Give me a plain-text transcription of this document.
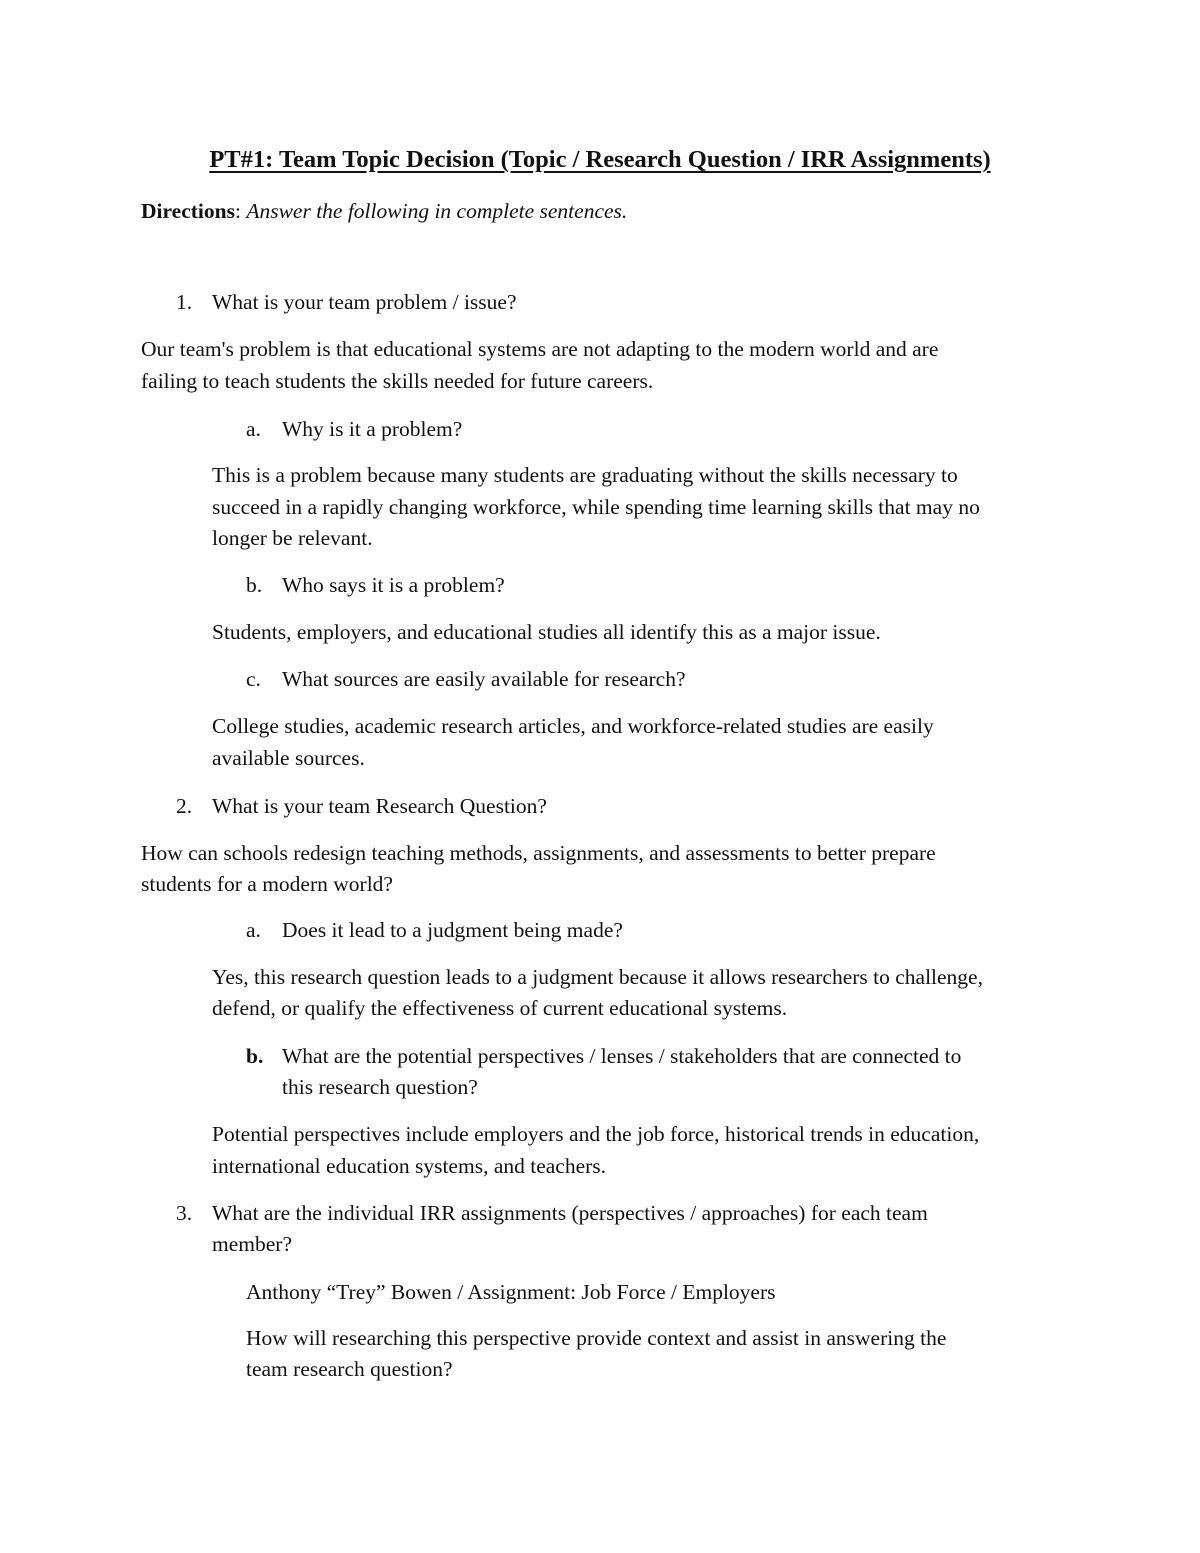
PT#1: Team Topic Decision (Topic / Research Question / IRR Assignments)

Directions: Answer the following in complete sentences.

1. What is your team problem / issue?

Our team's problem is that educational systems are not adapting to the modern world and are

failing to teach students the skills needed for future careers.

a. Why is it a problem?

This is a problem because many students are graduating without the skills necessary to

succeed in a rapidly changing workforce, while spending time learning skills that may no

longer be relevant.

b. Who says it is a problem?

Students, employers, and educational studies all identify this as a major issue.

c. What sources are easily available for research?

College studies, academic research articles, and workforce-related studies are easily

available sources.

2. What is your team Research Question?

How can schools redesign teaching methods, assignments, and assessments to better prepare

students for a modern world?

a. Does it lead to a judgment being made?

Yes, this research question leads to a judgment because it allows researchers to challenge,

defend, or qualify the effectiveness of current educational systems.

b. What are the potential perspectives / lenses / stakeholders that are connected to

this research question?

Potential perspectives include employers and the job force, historical trends in education,

international education systems, and teachers.

3. What are the individual IRR assignments (perspectives / approaches) for each team

member?

Anthony “Trey” Bowen / Assignment: Job Force / Employers

How will researching this perspective provide context and assist in answering the

team research question?
